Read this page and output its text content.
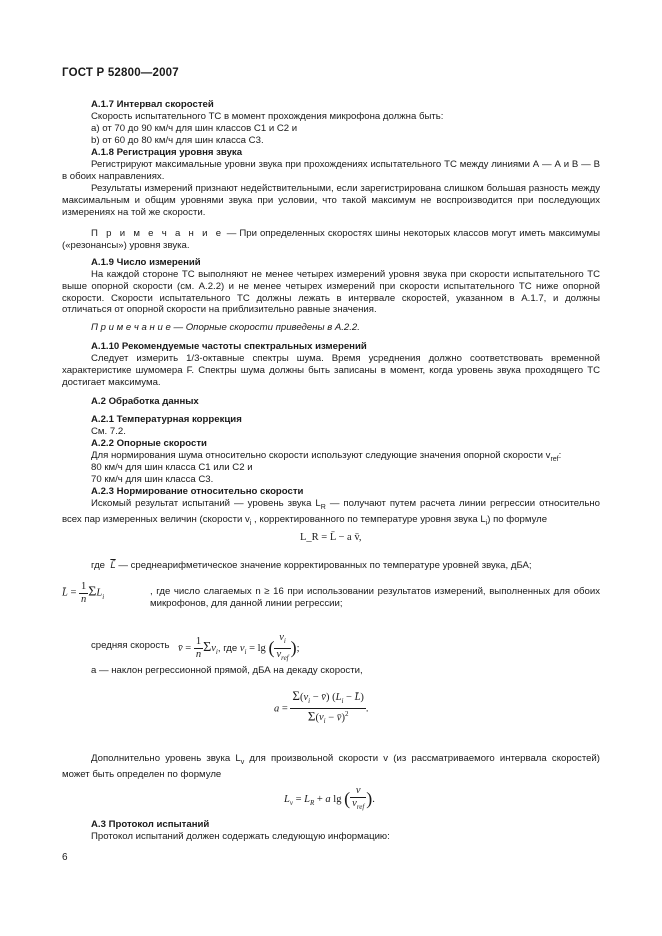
ГОСТ Р 52800—2007
А.1.7 Интервал скоростей
Скорость испытательного ТС в момент прохождения микрофона должна быть:
а) от 70 до 90 км/ч для шин классов С1 и С2 и
b) от 60 до 80 км/ч для шин класса С3.
А.1.8 Регистрация уровня звука
Регистрируют максимальные уровни звука при прохождениях испытательного ТС между линиями А — А и В — В в обоих направлениях.
Результаты измерений признают недействительными, если зарегистрирована слишком большая разность между максимальным и общим уровнями звука при условии, что такой максимум не воспроизводится при последующих измерениях на той же скорости.
П р и м е ч а н и е — При определенных скоростях шины некоторых классов могут иметь максимумы («резонансы») уровня звука.
А.1.9 Число измерений
На каждой стороне ТС выполняют не менее четырех измерений уровня звука при скорости испытательного ТС выше опорной скорости (см. А.2.2) и не менее четырех измерений при скорости испытательного ТС ниже опорной скорости. Скорости испытательного ТС должны лежать в интервале скоростей, указанном в А.1.7, и должны отличаться от опорной скорости на приблизительно равные значения.
П р и м е ч а н и е — Опорные скорости приведены в А.2.2.
А.1.10 Рекомендуемые частоты спектральных измерений
Следует измерить 1/3-октавные спектры шума. Время усреднения должно соответствовать временной характеристике шумомера F. Спектры шума должны быть записаны в момент, когда уровень звука проходящего ТС достигает максимума.
А.2 Обработка данных
А.2.1 Температурная коррекция
См. 7.2.
А.2.2 Опорные скорости
Для нормирования шума относительно скорости используют следующие значения опорной скорости $v_{ref}$:
80 км/ч для шин класса С1 или С2 и
70 км/ч для шин класса С3.
А.2.3 Нормирование относительно скорости
Искомый результат испытаний — уровень звука $L_R$ — получают путем расчета линии регрессии относительно всех пар измеренных величин (скорости $v_i$ , корректированного по температуре уровня звука $L_i$) по формуле
L_R = L̄ − a v̄,
где L̄ — среднеарифметическое значение корректированных по температуре уровней звука, дБА;
L̄ = $\frac{1}{n} \Sigma L_i$	, где число слагаемых n ≥ 16 при использовании результатов измерений, выполненных для обоих микрофонов, для данной линии регрессии;
средняя скорость v̄ = $\frac{1}{n} \Sigma v_i$, где $v_i = \lg$ ( $\frac{v_i}{v_{ref}}$ );
а — наклон регрессионной прямой, дБА на декаду скорости,
$a = \frac{\Sigma(v_i - v̄) (L_i - L̄)}{\Sigma(v_i - v̄)^2}$ .
Дополнительно уровень звука $L_v$ для произвольной скорости v (из рассматриваемого интервала скоростей) может быть определен по формуле
$L_v = L_R + a$ lg ( $\frac{v}{v_{ref}}$ ).
А.3 Протокол испытаний
Протокол испытаний должен содержать следующую информацию:
6
